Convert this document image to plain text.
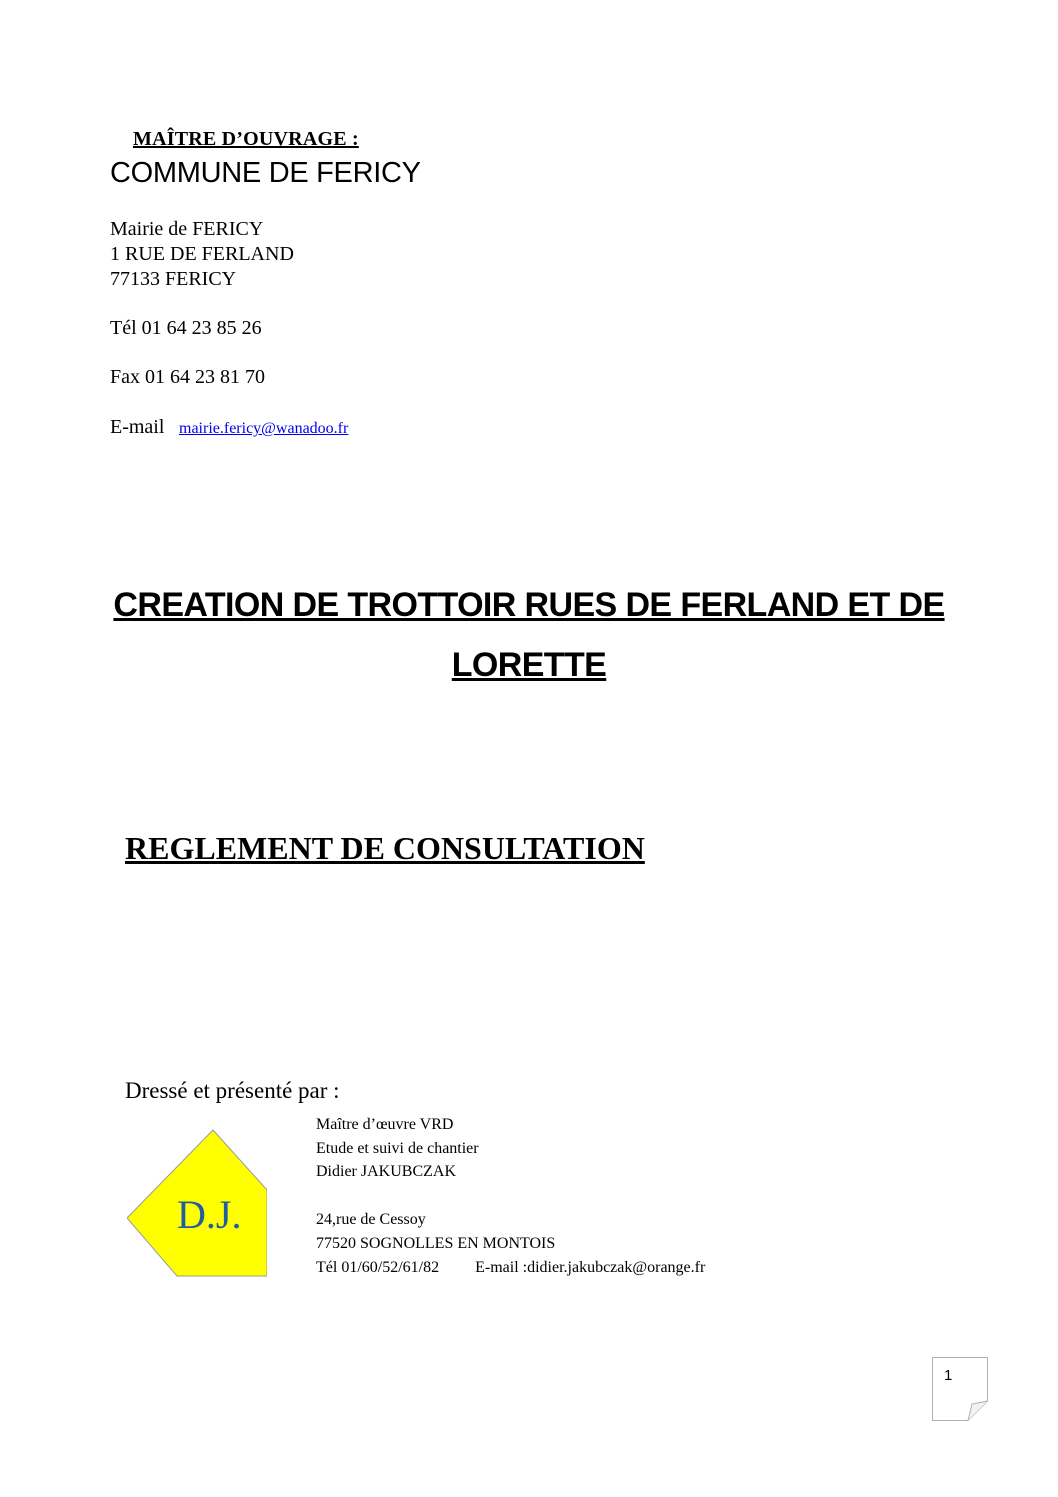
MAÎTRE D’OUVRAGE :
COMMUNE DE FERICY
Mairie de FERICY
1 RUE DE FERLAND
77133 FERICY
Tél 01 64 23 85 26
Fax 01 64 23 81 70
E-mail mairie.fericy@wanadoo.fr
CREATION DE TROTTOIR RUES DE FERLAND ET DE
LORETTE
REGLEMENT DE CONSULTATION
Dressé et présenté par :
D.J.
Maître d’œuvre VRD
Etude et suivi de chantier
Didier JAKUBCZAK
24,rue de Cessoy
77520 SOGNOLLES EN MONTOIS
Tél 01/60/52/61/82 E-mail :didier.jakubczak@orange.fr
1
